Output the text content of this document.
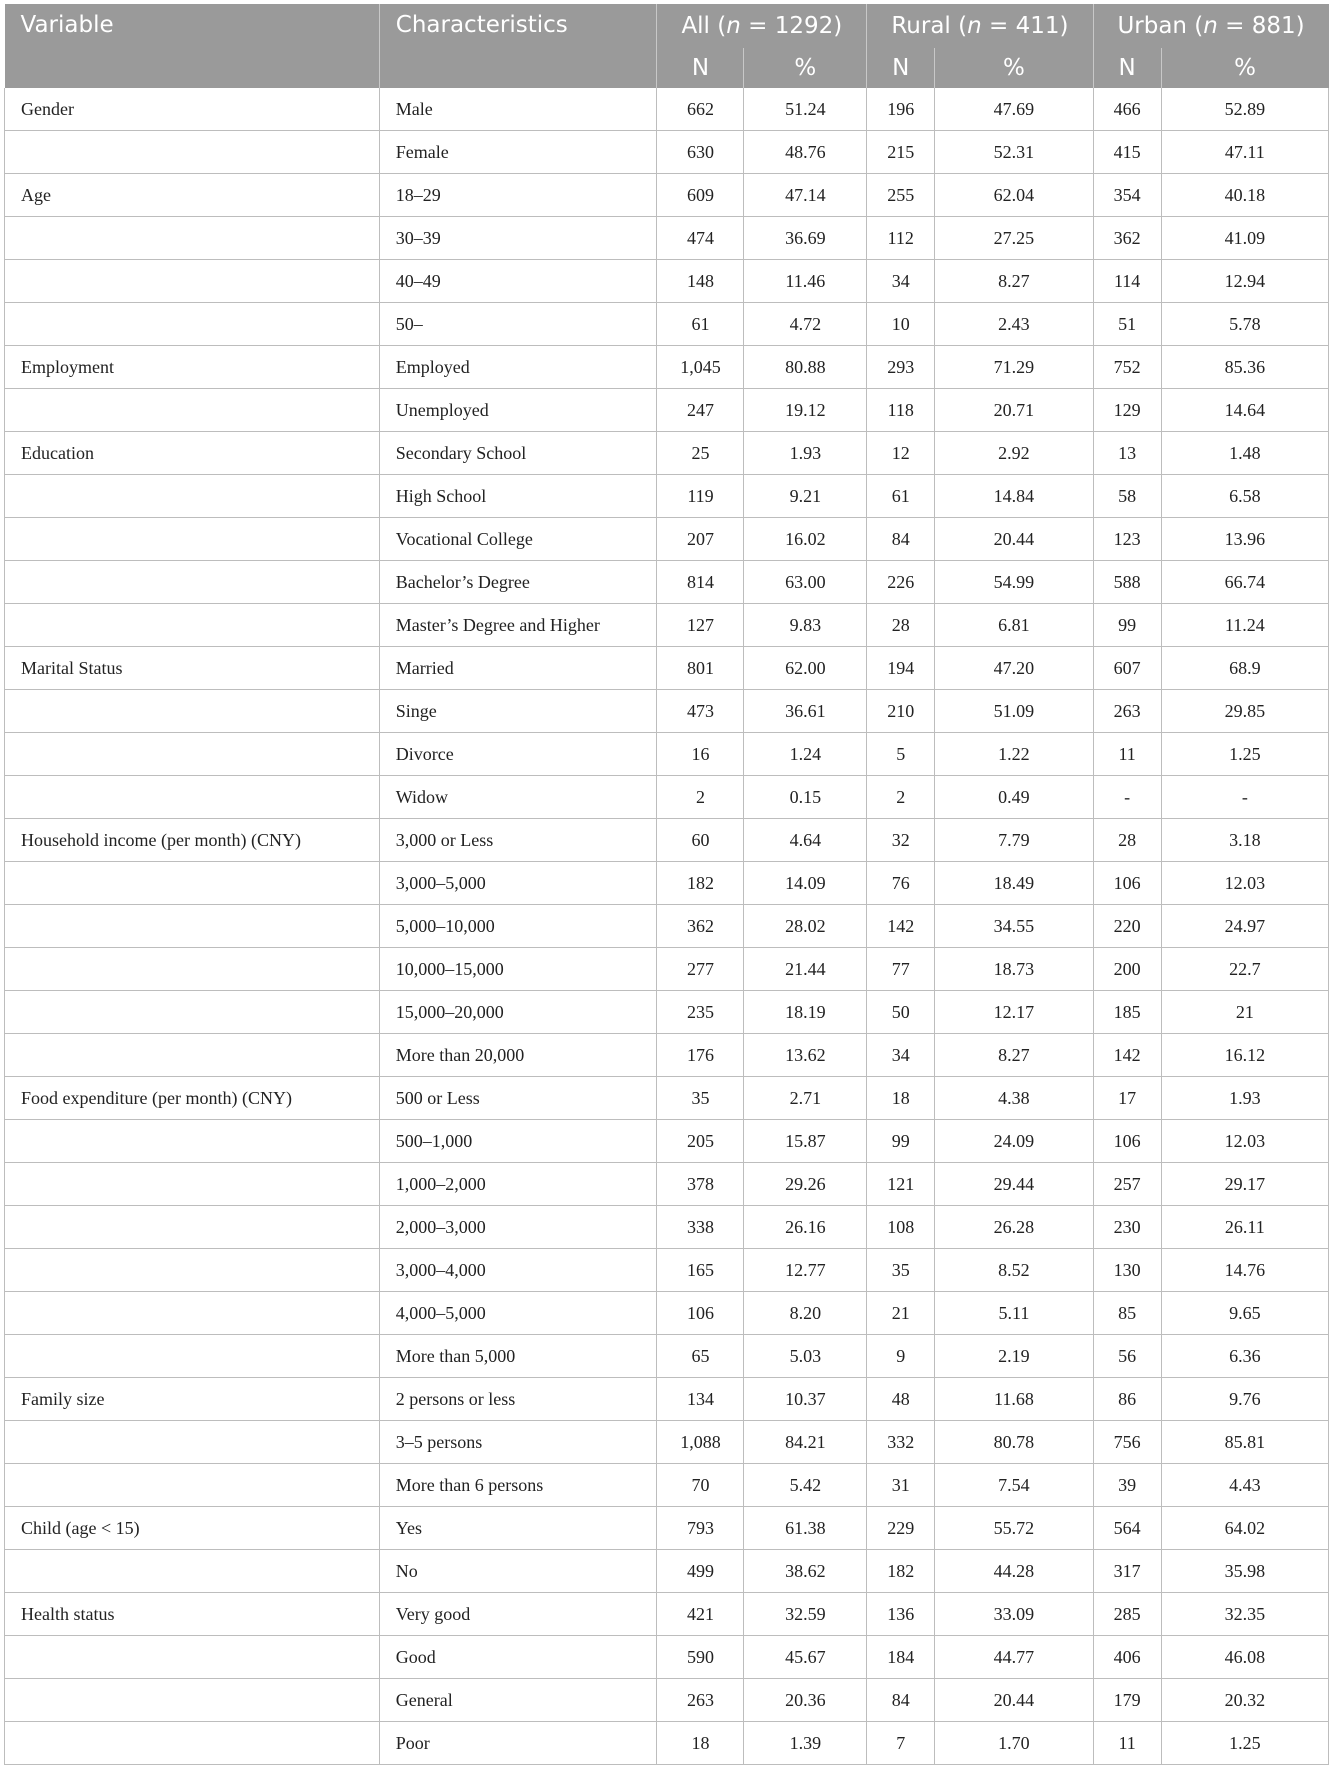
Variable	Characteristics	All (n = 1292)		Rural (n = 411)		Urban (n = 881)	
		N	%	N	%	N	%
Gender	Male	662	51.24	196	47.69	466	52.89
	Female	630	48.76	215	52.31	415	47.11
Age	18–29	609	47.14	255	62.04	354	40.18
	30–39	474	36.69	112	27.25	362	41.09
	40–49	148	11.46	34	8.27	114	12.94
	50–	61	4.72	10	2.43	51	5.78
Employment	Employed	1,045	80.88	293	71.29	752	85.36
	Unemployed	247	19.12	118	20.71	129	14.64
Education	Secondary School	25	1.93	12	2.92	13	1.48
	High School	119	9.21	61	14.84	58	6.58
	Vocational College	207	16.02	84	20.44	123	13.96
	Bachelor’s Degree	814	63.00	226	54.99	588	66.74
	Master’s Degree and Higher	127	9.83	28	6.81	99	11.24
Marital Status	Married	801	62.00	194	47.20	607	68.9
	Singe	473	36.61	210	51.09	263	29.85
	Divorce	16	1.24	5	1.22	11	1.25
	Widow	2	0.15	2	0.49	-	-
Household income (per month) (CNY)	3,000 or Less	60	4.64	32	7.79	28	3.18
	3,000–5,000	182	14.09	76	18.49	106	12.03
	5,000–10,000	362	28.02	142	34.55	220	24.97
	10,000–15,000	277	21.44	77	18.73	200	22.7
	15,000–20,000	235	18.19	50	12.17	185	21
	More than 20,000	176	13.62	34	8.27	142	16.12
Food expenditure (per month) (CNY)	500 or Less	35	2.71	18	4.38	17	1.93
	500–1,000	205	15.87	99	24.09	106	12.03
	1,000–2,000	378	29.26	121	29.44	257	29.17
	2,000–3,000	338	26.16	108	26.28	230	26.11
	3,000–4,000	165	12.77	35	8.52	130	14.76
	4,000–5,000	106	8.20	21	5.11	85	9.65
	More than 5,000	65	5.03	9	2.19	56	6.36
Family size	2 persons or less	134	10.37	48	11.68	86	9.76
	3–5 persons	1,088	84.21	332	80.78	756	85.81
	More than 6 persons	70	5.42	31	7.54	39	4.43
Child (age < 15)	Yes	793	61.38	229	55.72	564	64.02
	No	499	38.62	182	44.28	317	35.98
Health status	Very good	421	32.59	136	33.09	285	32.35
	Good	590	45.67	184	44.77	406	46.08
	General	263	20.36	84	20.44	179	20.32
	Poor	18	1.39	7	1.70	11	1.25
